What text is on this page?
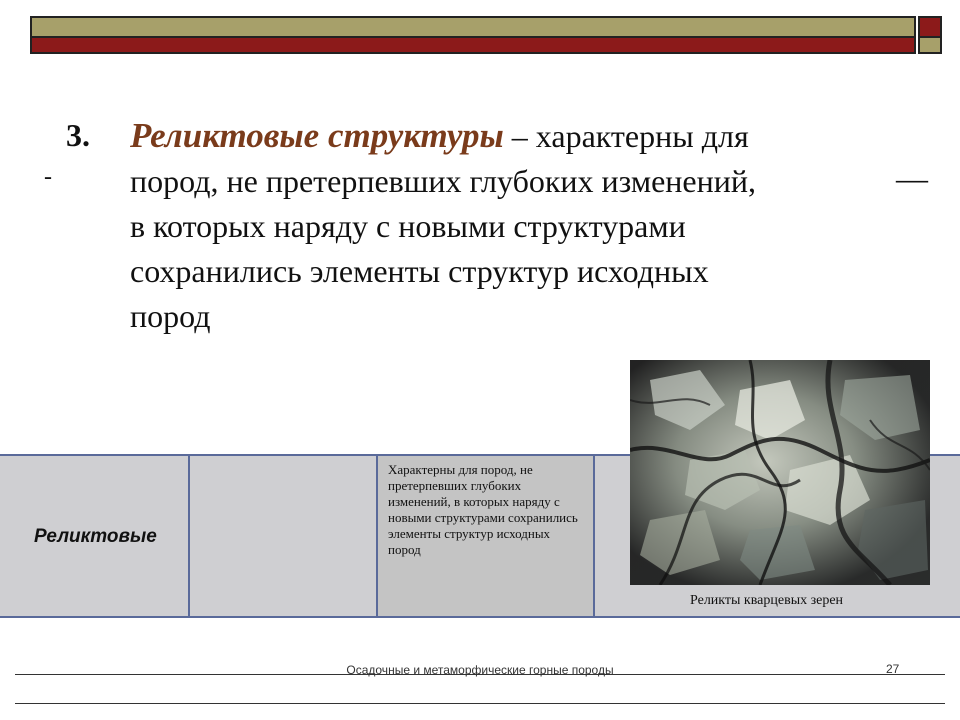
3.
-	—
Реликтовые структуры – характерны для
пород, не претерпевших глубоких изменений,
в которых наряду с новыми структурами
сохранились элементы структур исходных
пород
Реликтовые
Характерны для пород, не претерпевших глубоких изменений, в которых наряду с новыми структурами сохранились элементы структур исходных пород
Реликты кварцевых зерен
Осадочные и метаморфические горные породы	27
